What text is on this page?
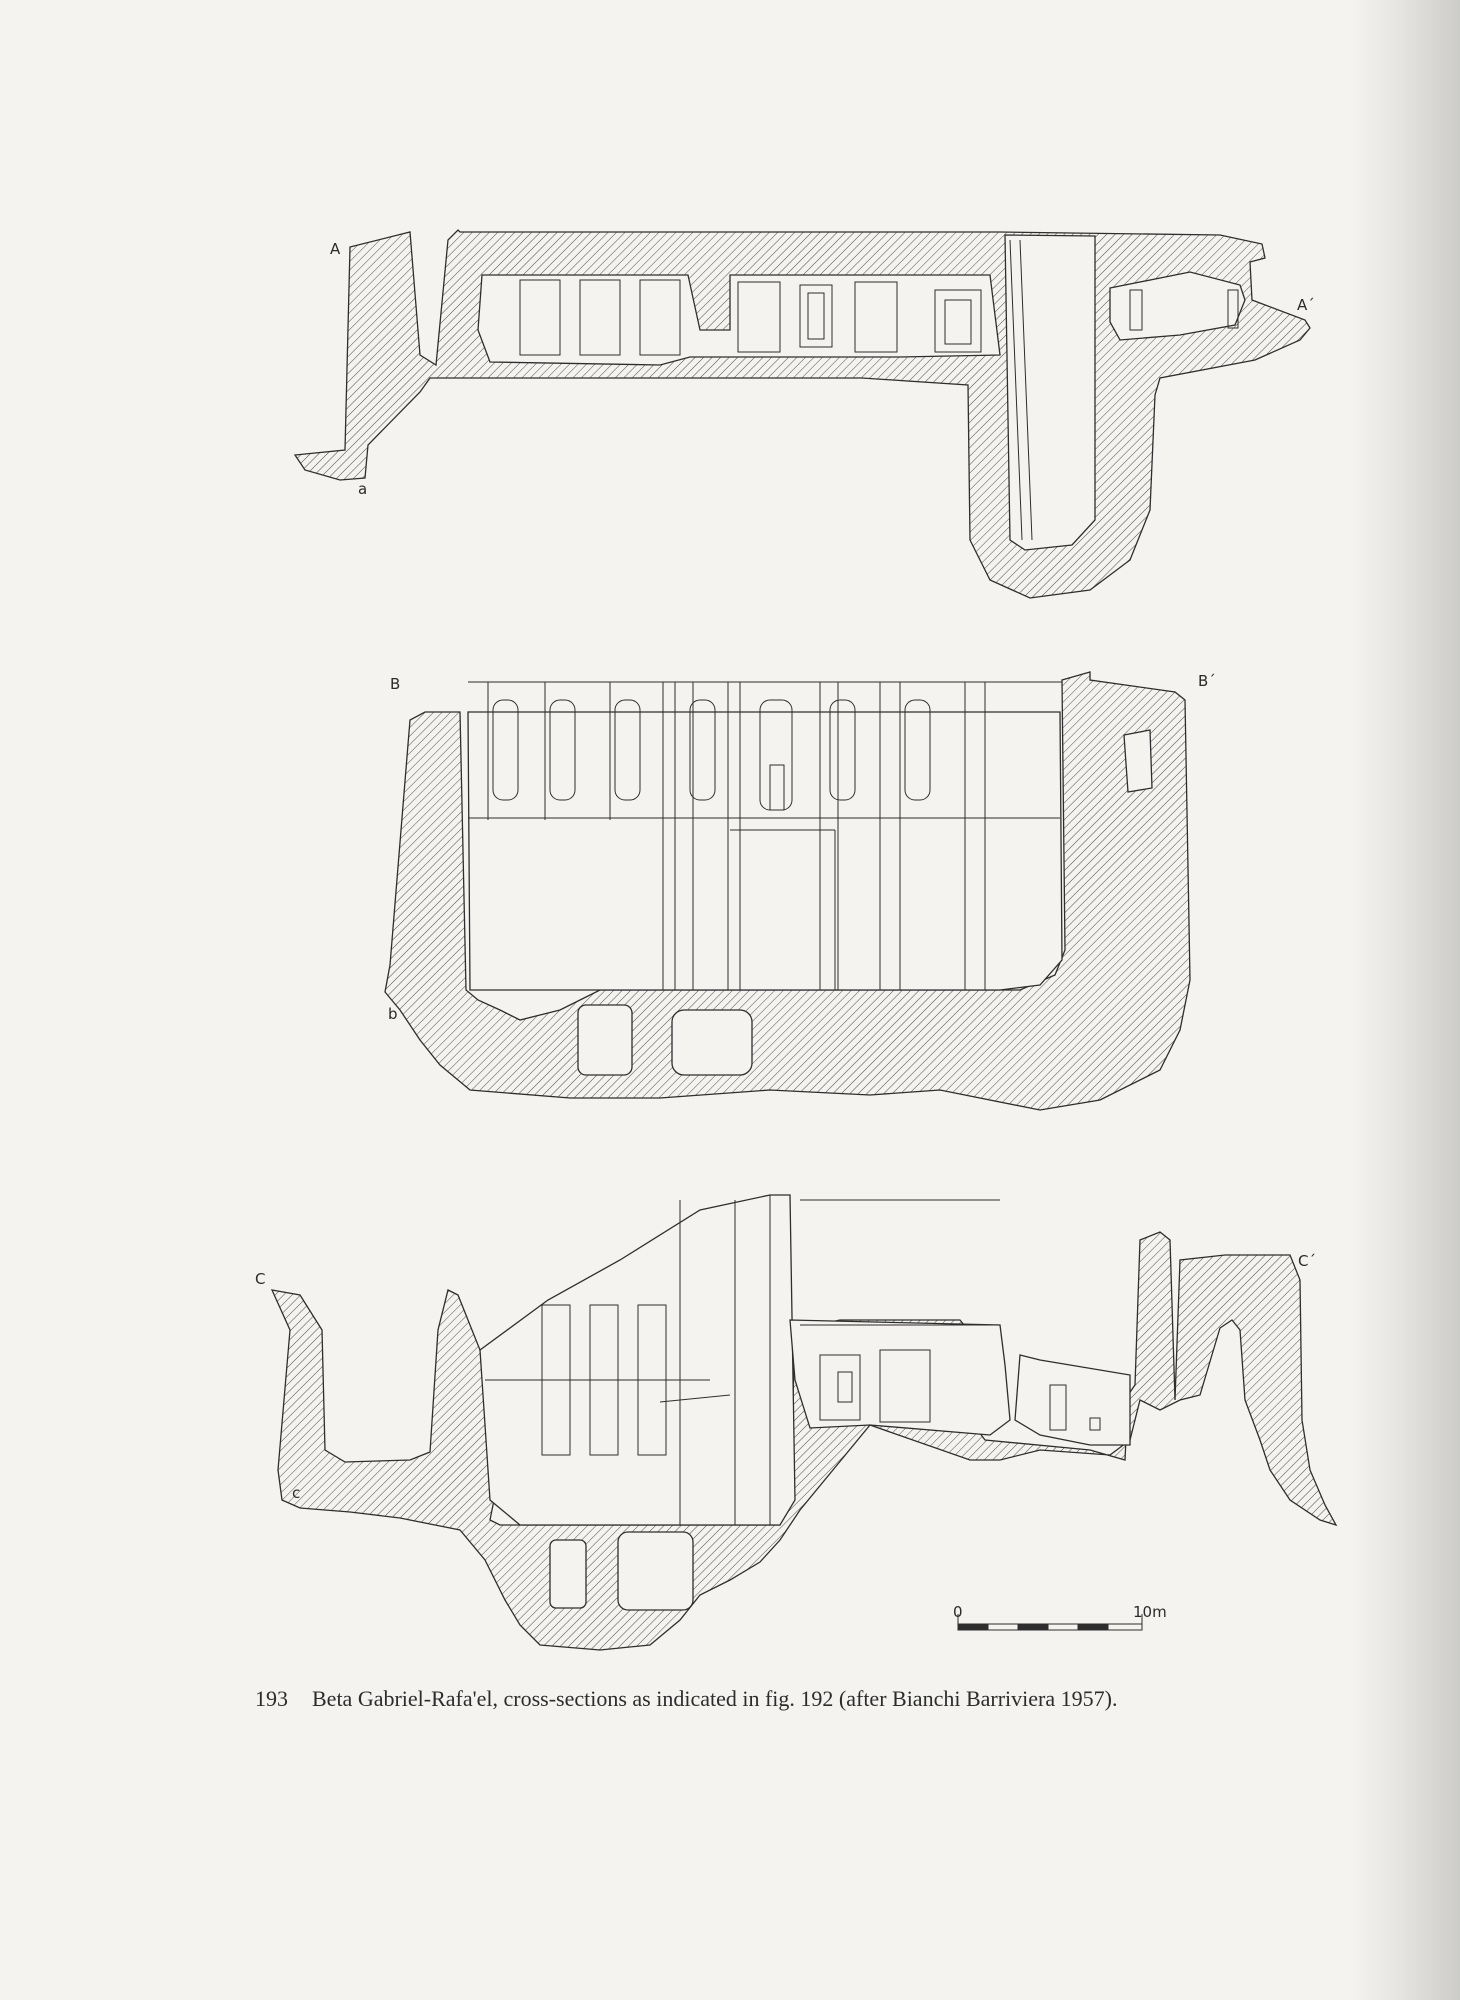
A
A´
a
B	B´
b
C
C´
c
0	10m
193 Beta Gabriel-Rafa'el, cross-sections as indicated in fig. 192 (after Bianchi Barriviera 1957).
